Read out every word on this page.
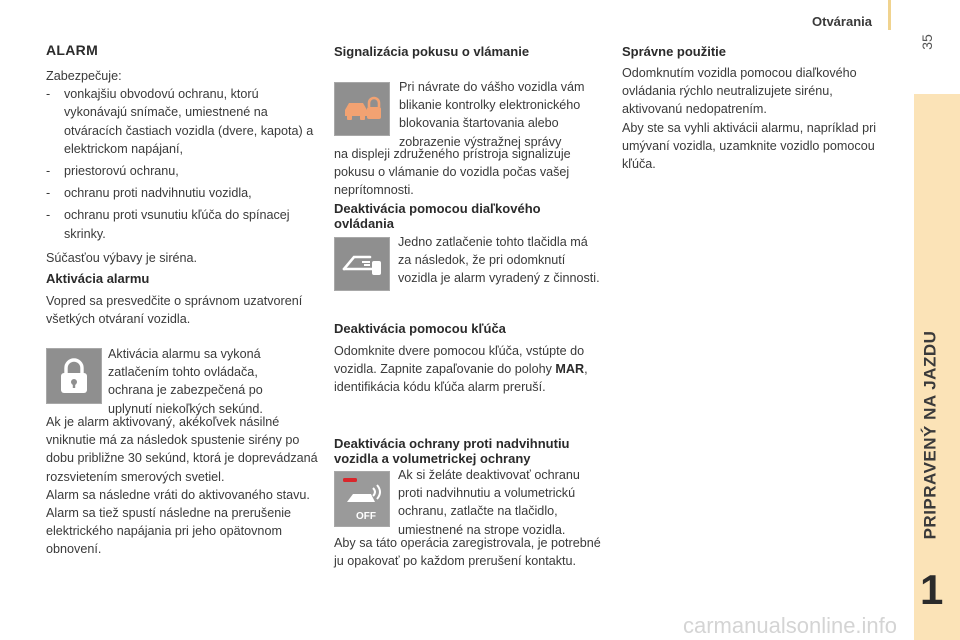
Otvárania
35
PRIPRAVENÝ NA JAZDU
1

ALARM

Zabezpečuje:

- vonkajšiu obvodovú ochranu, ktorú vykonávajú snímače, umiestnené na otváracích častiach vozidla (dvere, kapota) a elektrickom napájaní,
- priestorovú ochranu,
- ochranu proti nadvihnutiu vozidla,
- ochranu proti vsunutiu kľúča do spínacej skrinky.

Súčasťou výbavy je siréna.

Aktivácia alarmu

Vopred sa presvedčite o správnom uzatvorení všetkých otváraní vozidla.

Aktivácia alarmu sa vykoná zatlačením tohto ovládača, ochrana je zabezpečená po uplynutí niekoľkých sekúnd.
Ak je alarm aktivovaný, akékoľvek násilné vniknutie má za následok spustenie sirény po dobu približne 30 sekúnd, ktorá je doprevádzaná rozsvietením smerových svetiel.
Alarm sa následne vráti do aktivovaného stavu.
Alarm sa tiež spustí následne na prerušenie elektrického napájania pri jeho opätovnom obnovení.
Signalizácia pokusu o vlámanie
Pri návrate do vášho vozidla vám blikanie kontrolky elektronického blokovania štartovania alebo zobrazenie výstražnej správy
na displeji združeného prístroja signalizuje pokusu o vlámanie do vozidla počas vašej neprítomnosti.
Deaktivácia pomocou diaľkového ovládania
Jedno zatlačenie tohto tlačidla má za následok, že pri odomknutí vozidla je alarm vyradený z činnosti.
Deaktivácia pomocou kľúča
Odomknite dvere pomocou kľúča, vstúpte do vozidla. Zapnite zapaľovanie do polohy MAR, identifikácia kódu kľúča alarm preruší.
Deaktivácia ochrany proti nadvihnutiu vozidla a volumetrickej ochrany
OFF
Ak si želáte deaktivovať ochranu proti nadvihnutiu a volumetrickú ochranu, zatlačte na tlačidlo, umiestnené na strope vozidla.
Aby sa táto operácia zaregistrovala, je potrebné ju opakovať po každom prerušení kontaktu.
Správne použitie
Odomknutím vozidla pomocou diaľkového ovládania rýchlo neutralizujete sirénu, aktivovanú nedopatrením.
Aby ste sa vyhli aktivácii alarmu, napríklad pri umývaní vozidla, uzamknite vozidlo pomocou kľúča.
carmanualsonline.info
